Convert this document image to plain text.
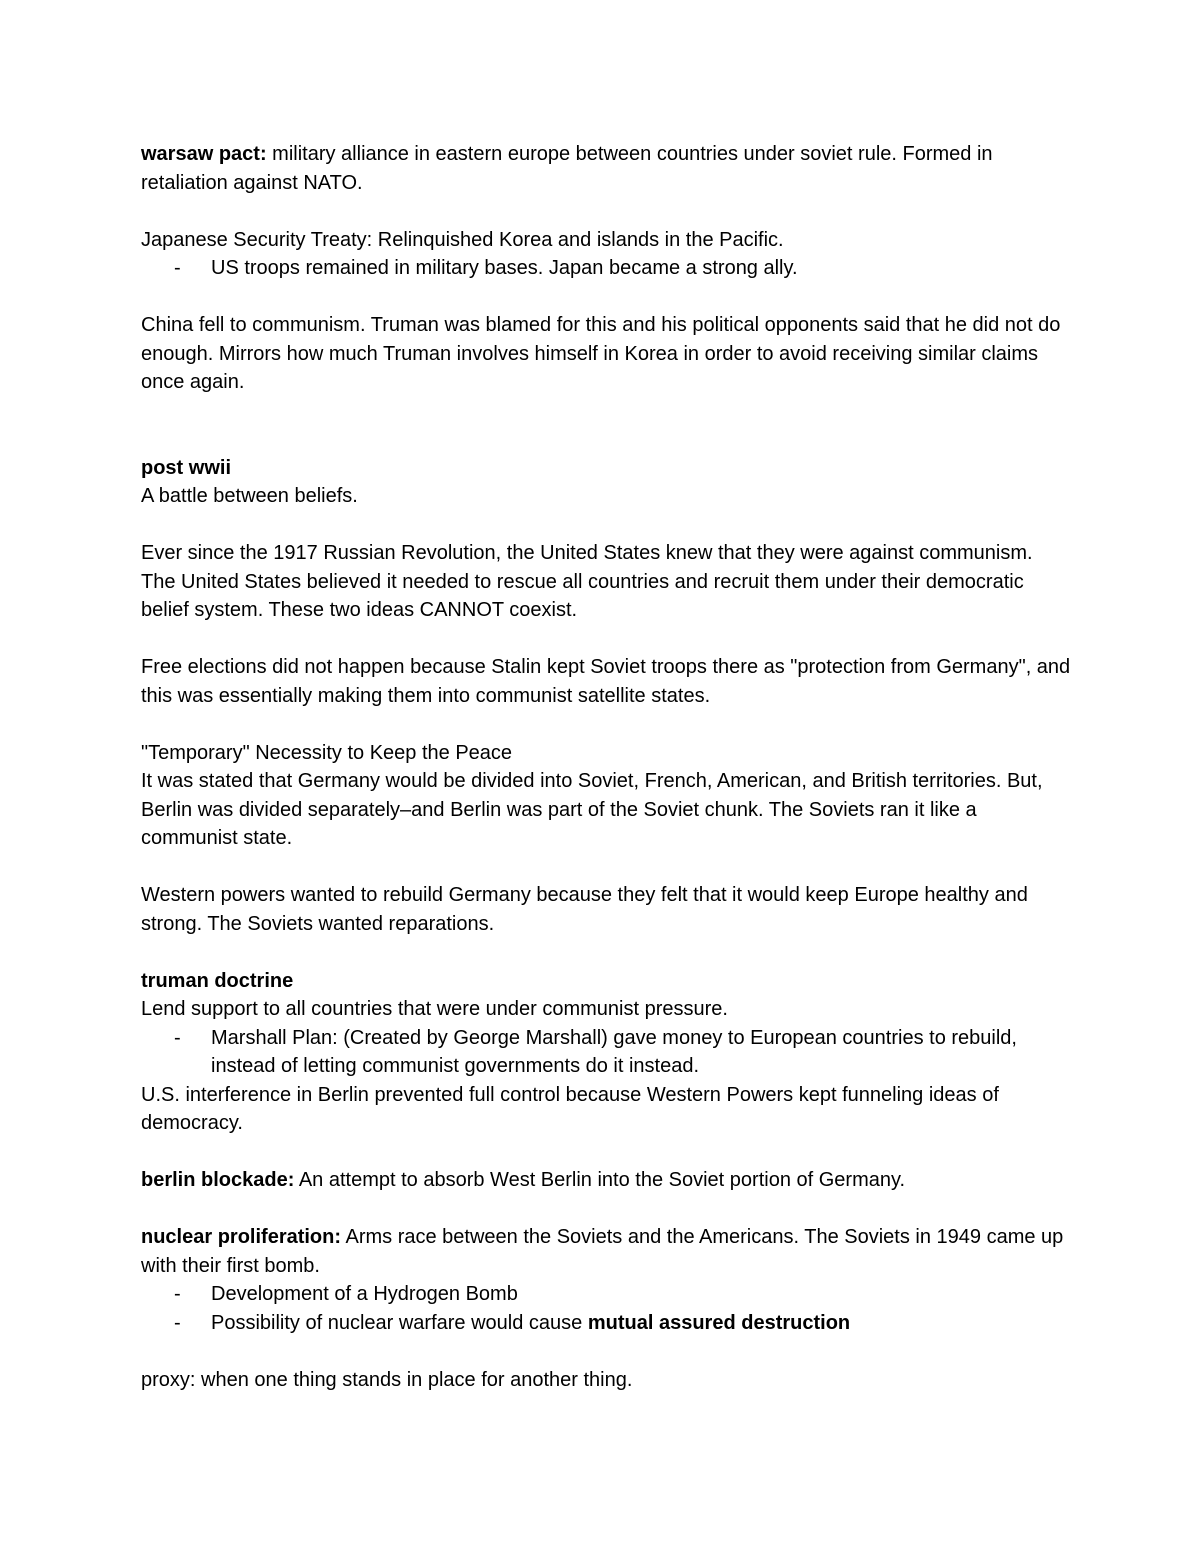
warsaw pact: military alliance in eastern europe between countries under soviet rule. Formed in retaliation against NATO.

Japanese Security Treaty: Relinquished Korea and islands in the Pacific.

- US troops remained in military bases. Japan became a strong ally.

China fell to communism. Truman was blamed for this and his political opponents said that he did not do enough. Mirrors how much Truman involves himself in Korea in order to avoid receiving similar claims once again.

post wwii

A battle between beliefs.

Ever since the 1917 Russian Revolution, the United States knew that they were against communism. The United States believed it needed to rescue all countries and recruit them under their democratic belief system. These two ideas CANNOT coexist.

Free elections did not happen because Stalin kept Soviet troops there as "protection from Germany", and this was essentially making them into communist satellite states.

"Temporary" Necessity to Keep the Peace

It was stated that Germany would be divided into Soviet, French, American, and British territories. But, Berlin was divided separately–and Berlin was part of the Soviet chunk. The Soviets ran it like a communist state.

Western powers wanted to rebuild Germany because they felt that it would keep Europe healthy and strong. The Soviets wanted reparations.

truman doctrine

Lend support to all countries that were under communist pressure.

- Marshall Plan: (Created by George Marshall) gave money to European countries to rebuild, instead of letting communist governments do it instead.

U.S. interference in Berlin prevented full control because Western Powers kept funneling ideas of democracy.

berlin blockade: An attempt to absorb West Berlin into the Soviet portion of Germany.

nuclear proliferation: Arms race between the Soviets and the Americans. The Soviets in 1949 came up with their first bomb.

- Development of a Hydrogen Bomb
- Possibility of nuclear warfare would cause mutual assured destruction

proxy: when one thing stands in place for another thing.
